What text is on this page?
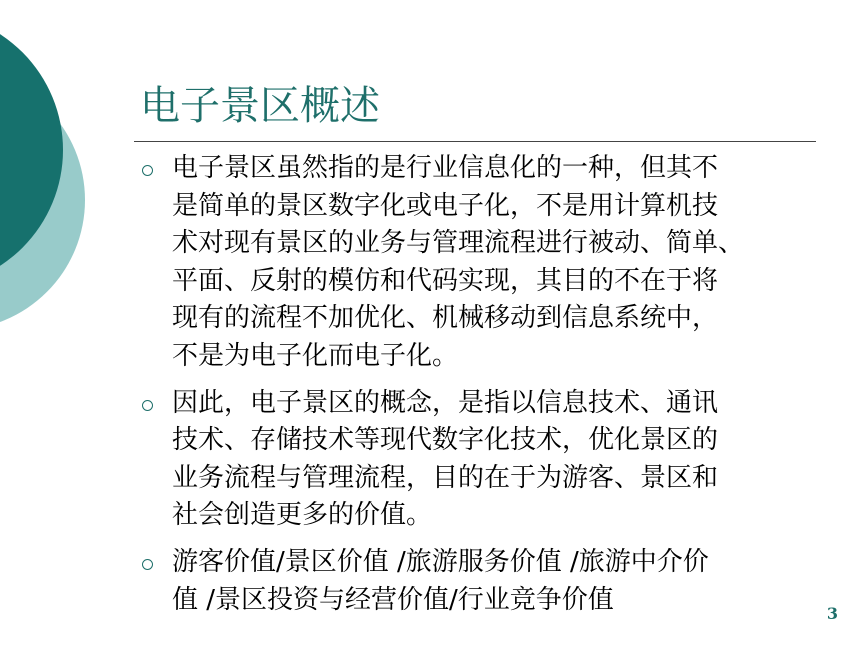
电子景区概述
电子景区虽然指的是行业信息化的一种，但其不
是简单的景区数字化或电子化，不是用计算机技
术对现有景区的业务与管理流程进行被动、简单、
平面、反射的模仿和代码实现，其目的不在于将
现有的流程不加优化、机械移动到信息系统中，
不是为电子化而电子化。
因此，电子景区的概念，是指以信息技术、通讯
技术、存储技术等现代数字化技术，优化景区的
业务流程与管理流程，目的在于为游客、景区和
社会创造更多的价值。
游客价值/景区价值 /旅游服务价值 /旅游中介价
值 /景区投资与经营价值/行业竞争价值	3
